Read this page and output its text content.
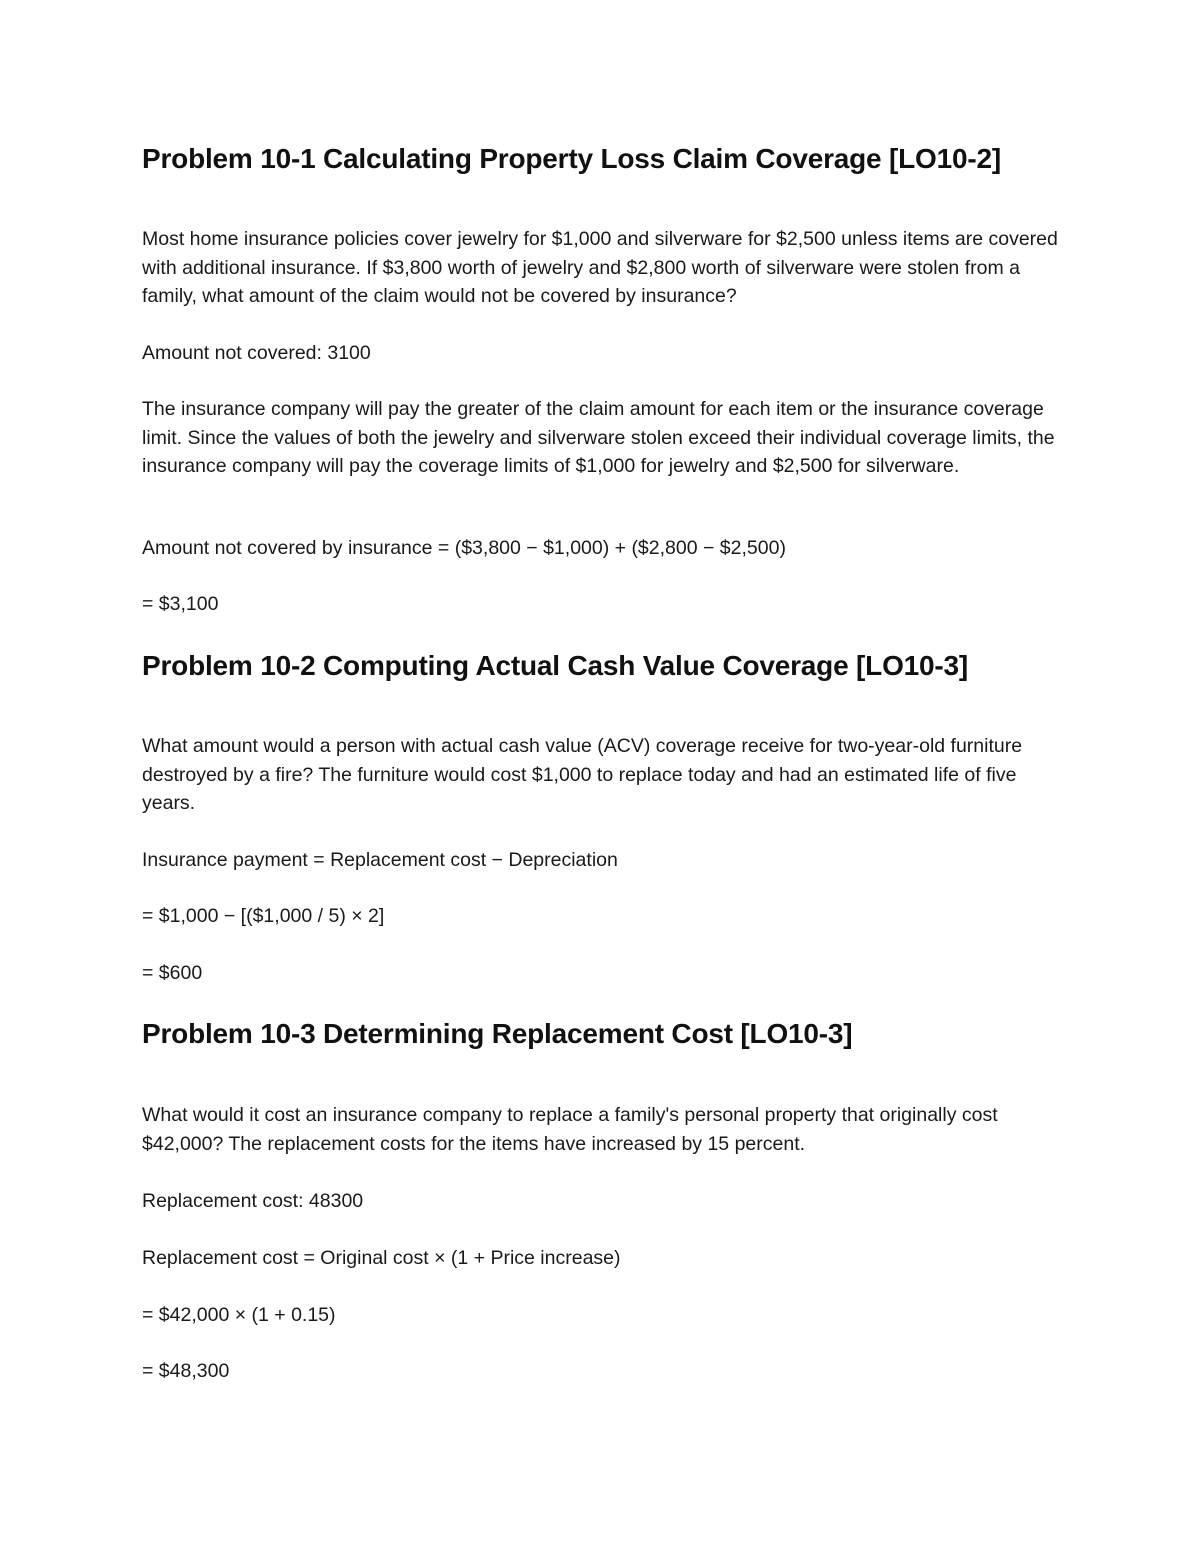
Problem 10-1 Calculating Property Loss Claim Coverage [LO10-2]

Most home insurance policies cover jewelry for $1,000 and silverware for $2,500 unless items are covered with additional insurance. If $3,800 worth of jewelry and $2,800 worth of silverware were stolen from a family, what amount of the claim would not be covered by insurance?

Amount not covered: 3100

The insurance company will pay the greater of the claim amount for each item or the insurance coverage limit. Since the values of both the jewelry and silverware stolen exceed their individual coverage limits, the insurance company will pay the coverage limits of $1,000 for jewelry and $2,500 for silverware.

Amount not covered by insurance = ($3,800 − $1,000) + ($2,800 − $2,500)

= $3,100

Problem 10-2 Computing Actual Cash Value Coverage [LO10-3]

What amount would a person with actual cash value (ACV) coverage receive for two-year-old furniture destroyed by a fire? The furniture would cost $1,000 to replace today and had an estimated life of five years.

Insurance payment = Replacement cost − Depreciation

= $1,000 − [($1,000 / 5) × 2]

= $600

Problem 10-3 Determining Replacement Cost [LO10-3]

What would it cost an insurance company to replace a family's personal property that originally cost $42,000? The replacement costs for the items have increased by 15 percent.

Replacement cost: 48300

Replacement cost = Original cost × (1 + Price increase)

= $42,000 × (1 + 0.15)

= $48,300
